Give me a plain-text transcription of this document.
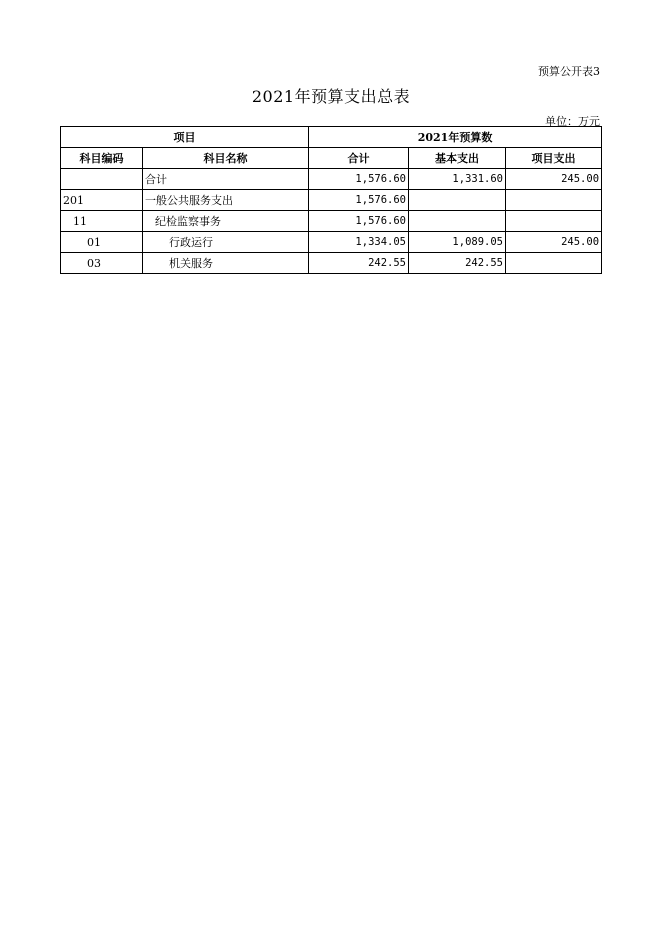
预算公开表3
2021年预算支出总表
单位：万元
项目		2021年预算数		
科目编码	科目名称	合计	基本支出	项目支出
	合计	1,576.60	1,331.60	245.00
201	一般公共服务支出	1,576.60		
11	纪检监察事务	1,576.60		
01	行政运行	1,334.05	1,089.05	245.00
03	机关服务	242.55	242.55	
